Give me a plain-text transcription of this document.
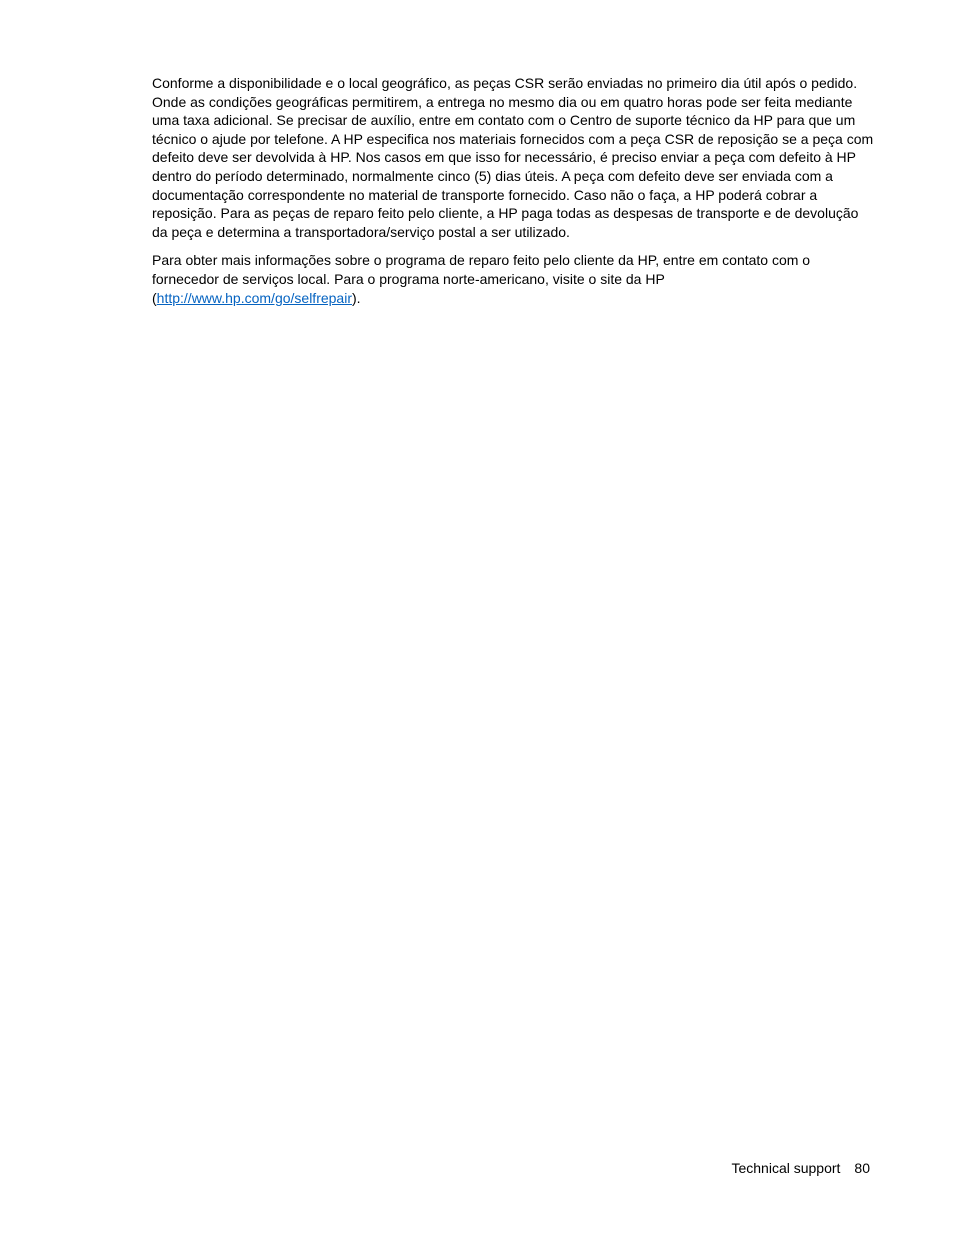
Conforme a disponibilidade e o local geográfico, as peças CSR serão enviadas no primeiro dia útil após o pedido. Onde as condições geográficas permitirem, a entrega no mesmo dia ou em quatro horas pode ser feita mediante uma taxa adicional. Se precisar de auxílio, entre em contato com o Centro de suporte técnico da HP para que um técnico o ajude por telefone. A HP especifica nos materiais fornecidos com a peça CSR de reposição se a peça com defeito deve ser devolvida à HP. Nos casos em que isso for necessário, é preciso enviar a peça com defeito à HP dentro do período determinado, normalmente cinco (5) dias úteis. A peça com defeito deve ser enviada com a documentação correspondente no material de transporte fornecido. Caso não o faça, a HP poderá cobrar a reposição. Para as peças de reparo feito pelo cliente, a HP paga todas as despesas de transporte e de devolução da peça e determina a transportadora/serviço postal a ser utilizado.

Para obter mais informações sobre o programa de reparo feito pelo cliente da HP, entre em contato com o fornecedor de serviços local. Para o programa norte-americano, visite o site da HP
(http://www.hp.com/go/selfrepair).

Technical support 80
